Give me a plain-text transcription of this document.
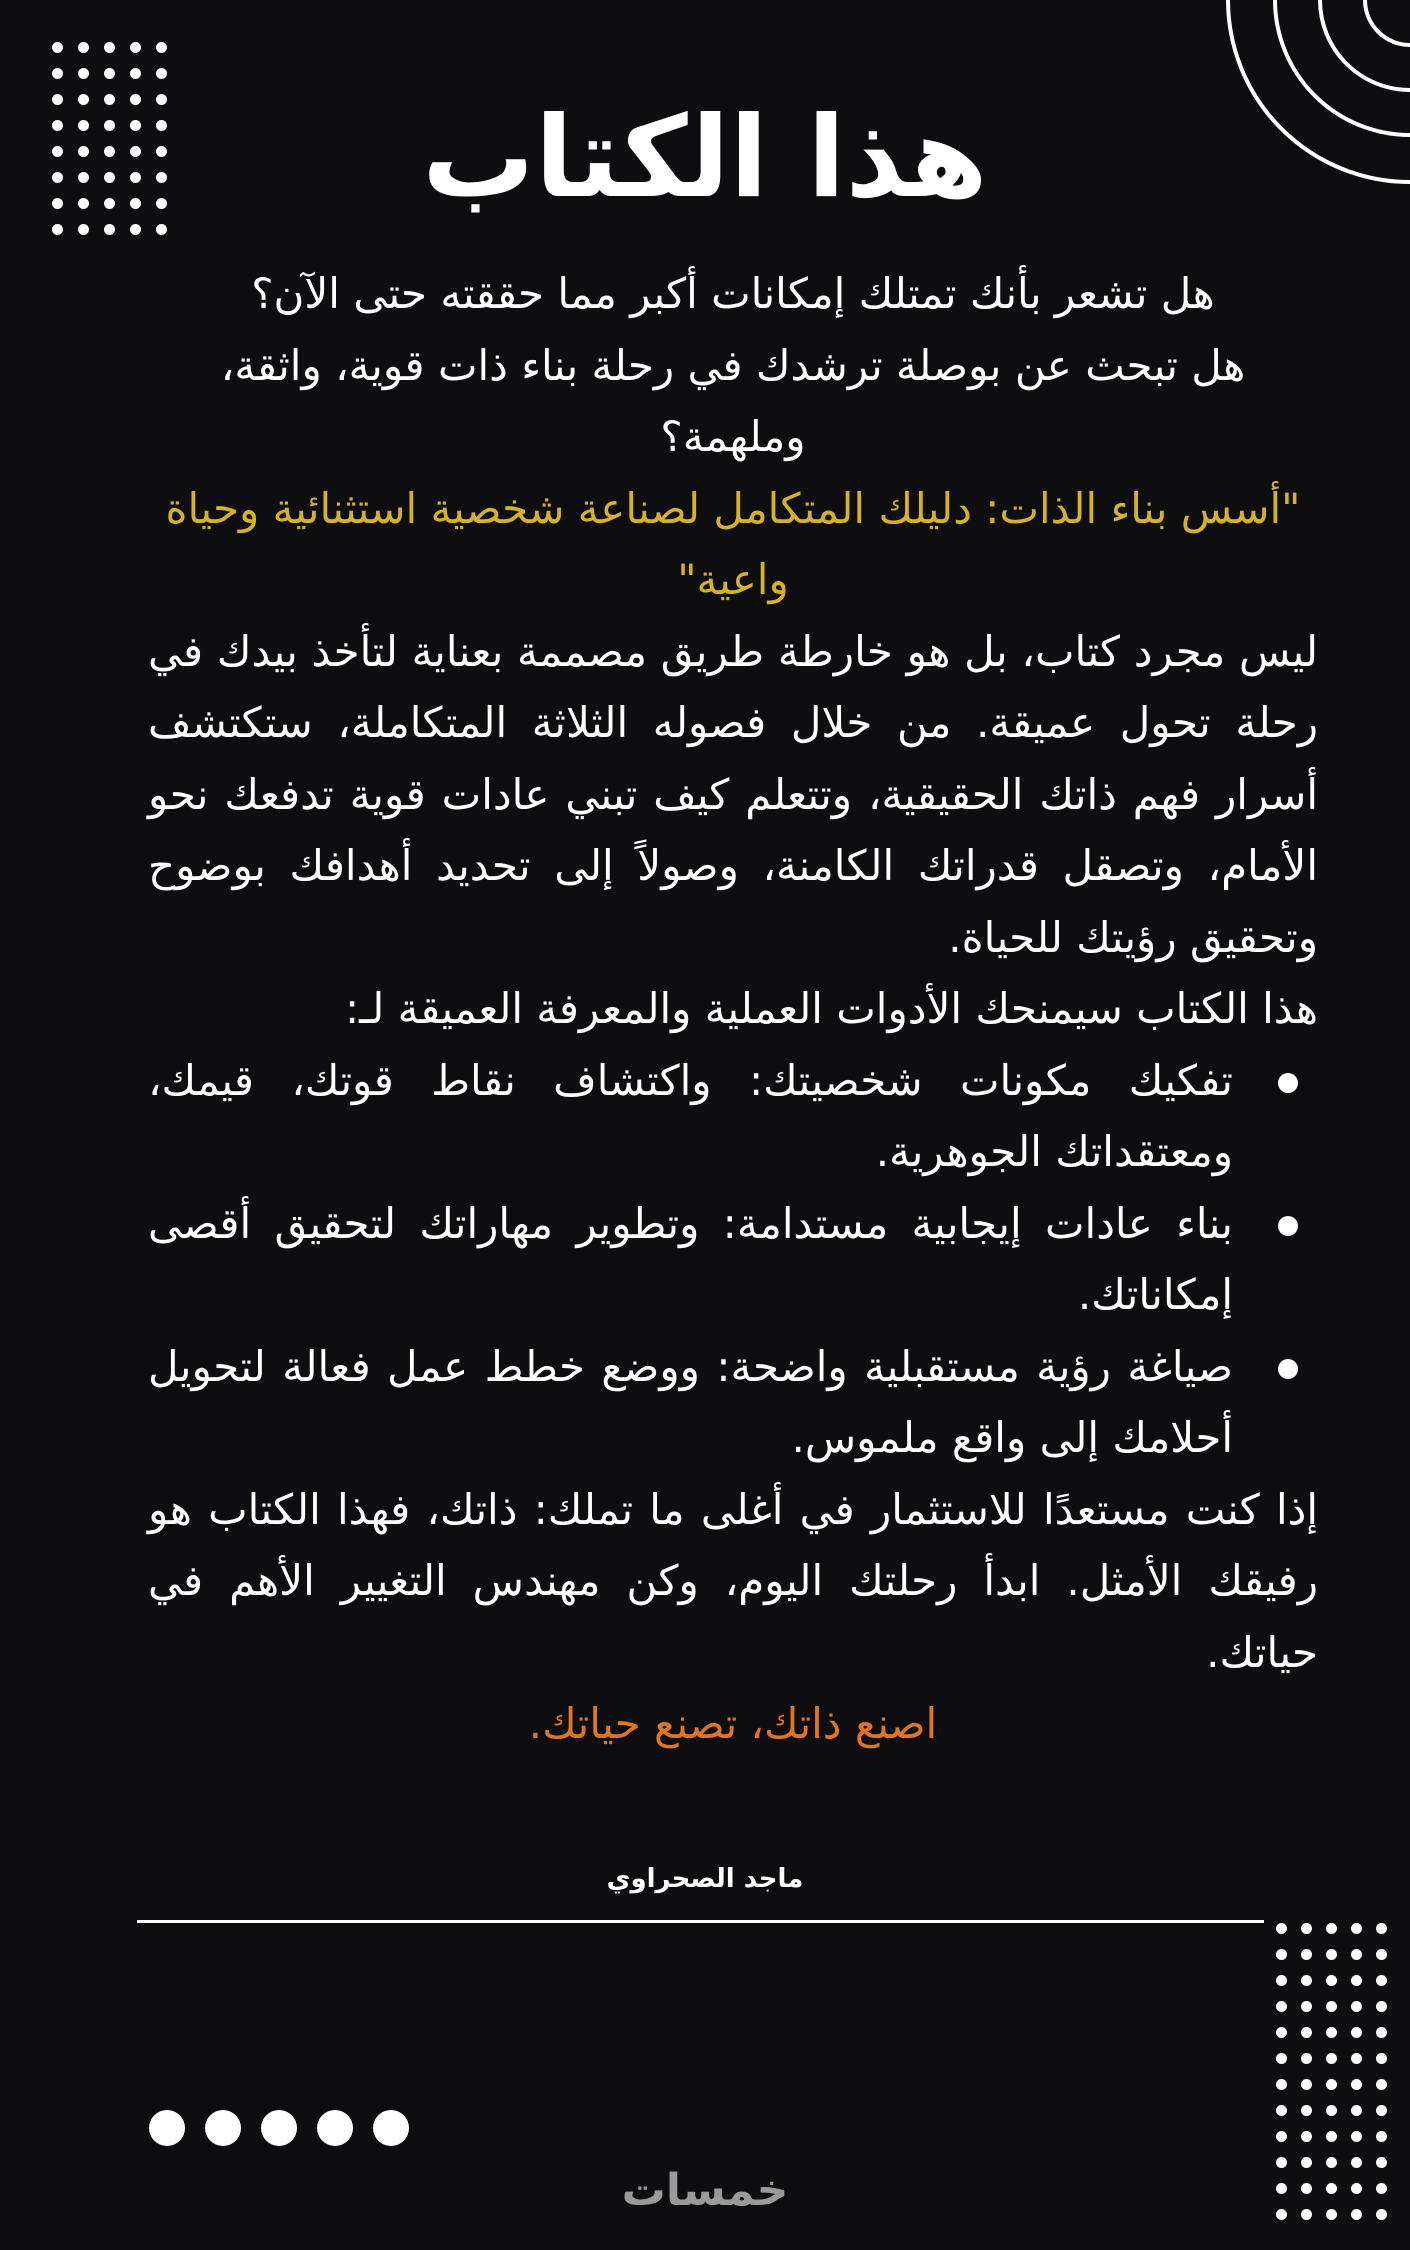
هذا الكتاب

هل تشعر بأنك تمتلك إمكانات أكبر مما حققته حتى الآن؟

هل تبحث عن بوصلة ترشدك في رحلة بناء ذات قوية، واثقة، وملهمة؟

"أسس بناء الذات: دليلك المتكامل لصناعة شخصية استثنائية وحياة واعية"

ليس مجرد كتاب، بل هو خارطة طريق مصممة بعناية لتأخذ بيدك في رحلة تحول عميقة. من خلال فصوله الثلاثة المتكاملة، ستكتشف أسرار فهم ذاتك الحقيقية، وتتعلم كيف تبني عادات قوية تدفعك نحو الأمام، وتصقل قدراتك الكامنة، وصولاً إلى تحديد أهدافك بوضوح وتحقيق رؤيتك للحياة.

هذا الكتاب سيمنحك الأدوات العملية والمعرفة العميقة لـ:

تفكيك مكونات شخصيتك: واكتشاف نقاط قوتك، قيمك، ومعتقداتك الجوهرية.
بناء عادات إيجابية مستدامة: وتطوير مهاراتك لتحقيق أقصى إمكاناتك.
صياغة رؤية مستقبلية واضحة: ووضع خطط عمل فعالة لتحويل أحلامك إلى واقع ملموس.

إذا كنت مستعدًا للاستثمار في أغلى ما تملك: ذاتك، فهذا الكتاب هو رفيقك الأمثل. ابدأ رحلتك اليوم، وكن مهندس التغيير الأهم في حياتك.

اصنع ذاتك، تصنع حياتك.

ماجد الصحراوي
خمسات
